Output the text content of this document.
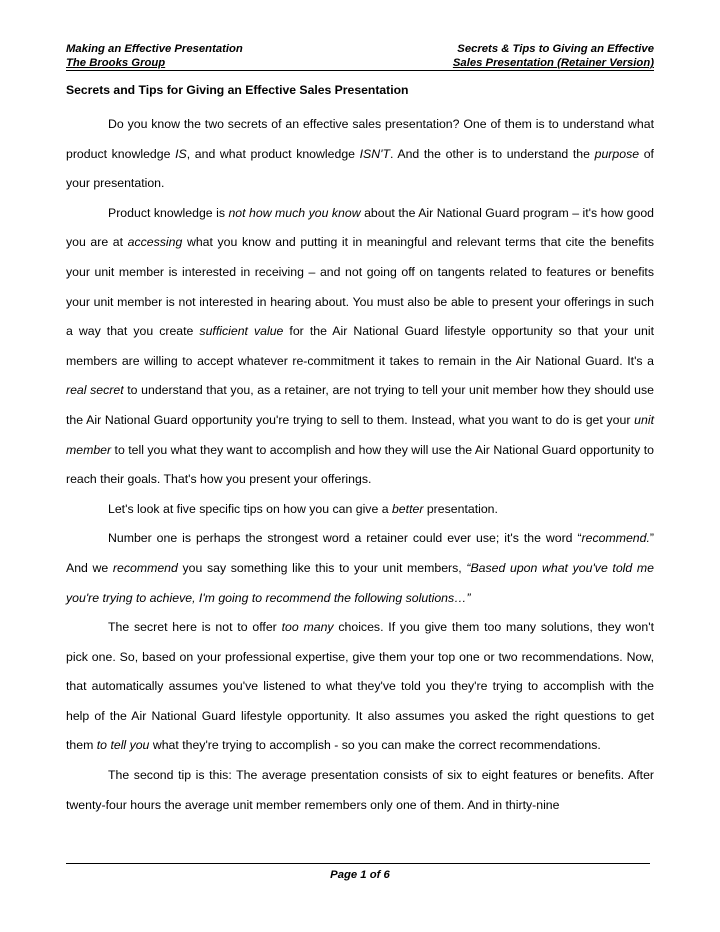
Making an Effective Presentation	Secrets & Tips to Giving an Effective
The Brooks Group	Sales Presentation (Retainer Version)
Secrets and Tips for Giving an Effective Sales Presentation

Do you know the two secrets of an effective sales presentation? One of them is to understand what product knowledge IS, and what product knowledge ISN'T. And the other is to understand the purpose of your presentation.

Product knowledge is not how much you know about the Air National Guard program – it's how good you are at accessing what you know and putting it in meaningful and relevant terms that cite the benefits your unit member is interested in receiving – and not going off on tangents related to features or benefits your unit member is not interested in hearing about. You must also be able to present your offerings in such a way that you create sufficient value for the Air National Guard lifestyle opportunity so that your unit members are willing to accept whatever re-commitment it takes to remain in the Air National Guard. It's a real secret to understand that you, as a retainer, are not trying to tell your unit member how they should use the Air National Guard opportunity you're trying to sell to them. Instead, what you want to do is get your unit member to tell you what they want to accomplish and how they will use the Air National Guard opportunity to reach their goals. That's how you present your offerings.

Let's look at five specific tips on how you can give a better presentation.

Number one is perhaps the strongest word a retainer could ever use; it's the word “recommend.” And we recommend you say something like this to your unit members, “Based upon what you've told me you're trying to achieve, I'm going to recommend the following solutions…”

The secret here is not to offer too many choices. If you give them too many solutions, they won't pick one. So, based on your professional expertise, give them your top one or two recommendations. Now, that automatically assumes you've listened to what they've told you they're trying to accomplish with the help of the Air National Guard lifestyle opportunity. It also assumes you asked the right questions to get them to tell you what they're trying to accomplish - so you can make the correct recommendations.

The second tip is this: The average presentation consists of six to eight features or benefits. After twenty-four hours the average unit member remembers only one of them. And in thirty-nine

Page 1 of 6
